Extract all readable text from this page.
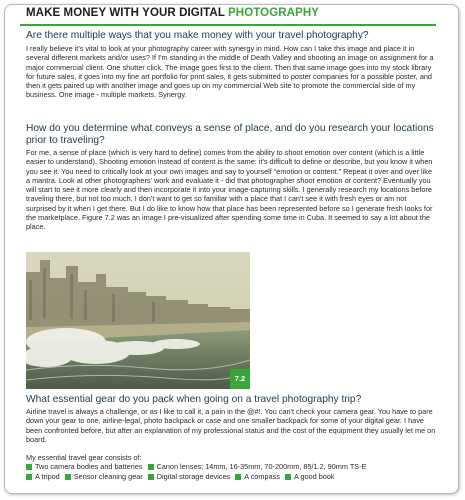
MAKE MONEY WITH YOUR DIGITAL PHOTOGRAPHY
Are there multiple ways that you make money with your travel photography?

I really believe it's vital to look at your photography career with synergy in mind. How can I take this image and place it in several different markets and/or uses? If I'm standing in the middle of Death Valley and shooting an image on assignment for a major commercial client. One shutter click. The image goes first to the client. Then that same image goes into my stock library for future sales, it goes into my fine art portfolio for print sales, it gets submitted to poster companies for a possible poster, and then it gets paired up with another image and goes up on my commercial Web site to promote the commercial side of my business. One image - multiple markets. Synergy.

How do you determine what conveys a sense of place, and do you research your locations prior to traveling?

For me, a sense of place (which is very hard to define) comes from the ability to shoot emotion over content (which is a little easier to understand). Shooting emotion instead of content is the same: it's difficult to define or describe, but you know it when you see it. You need to critically look at your own images and say to yourself “emotion or content.” Repeat it over and over like a mantra. Look at other photographers' work and evaluate it - did that photographer shoot emotion or content? Eventually you will start to see it more clearly and then incorporate it into your image-capturing skills. I generally research my locations before traveling there, but not too much. I don't want to get so familiar with a place that I can't see it with fresh eyes or am not surprised by it when I get there. But I do like to know how that place has been represented before so I generate fresh looks for the marketplace. Figure 7.2 was an image I pre-visualized after spending some time in Cuba. It seemed to say a lot about the place.

7.2
What essential gear do you pack when going on a travel photography trip?

Airline travel is always a challenge, or as I like to call it, a pain in the @#!. You can't check your camera gear. You have to pare down your gear to one, airline-legal, photo backpack or case and one smaller backpack for some of your digital gear. I have been confronted before, but after an explanation of my professional status and the cost of the equipment they usually let me on board.

My essential travel gear consists of:
Two camera bodies and batteries Canon lenses; 14mm, 16-35mm, 70-200mm, 85/1.2, 90mm TS-E
A tripod Sensor cleaning gear Digital storage devices A compass A good book
